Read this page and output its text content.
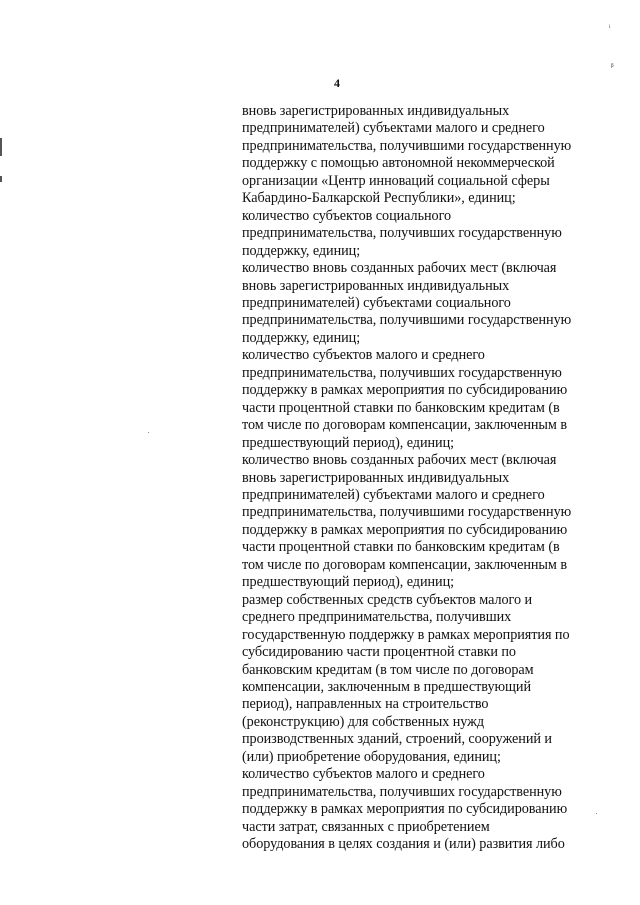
4
ᵢ
ᵦ
вновь зарегистрированных индивидуальных
предпринимателей) субъектами малого и среднего
предпринимательства, получившими государственную
поддержку с помощью автономной некоммерческой
организации «Центр инноваций социальной сферы
Кабардино-Балкарской Республики», единиц;
количество субъектов социального
предпринимательства, получивших государственную
поддержку, единиц;
количество вновь созданных рабочих мест (включая
вновь зарегистрированных индивидуальных
предпринимателей) субъектами социального
предпринимательства, получившими государственную
поддержку, единиц;
количество субъектов малого и среднего
предпринимательства, получивших государственную
поддержку в рамках мероприятия по субсидированию
части процентной ставки по банковским кредитам (в
том числе по договорам компенсации, заключенным в
предшествующий период), единиц;
количество вновь созданных рабочих мест (включая
вновь зарегистрированных индивидуальных
предпринимателей) субъектами малого и среднего
предпринимательства, получившими государственную
поддержку в рамках мероприятия по субсидированию
части процентной ставки по банковским кредитам (в
том числе по договорам компенсации, заключенным в
предшествующий период), единиц;
размер собственных средств субъектов малого и
среднего предпринимательства, получивших
государственную поддержку в рамках мероприятия по
субсидированию части процентной ставки по
банковским кредитам (в том числе по договорам
компенсации, заключенным в предшествующий
период), направленных на строительство
(реконструкцию) для собственных нужд
производственных зданий, строений, сооружений и
(или) приобретение оборудования, единиц;
количество субъектов малого и среднего
предпринимательства, получивших государственную
поддержку в рамках мероприятия по субсидированию
части затрат, связанных с приобретением
оборудования в целях создания и (или) развития либо
